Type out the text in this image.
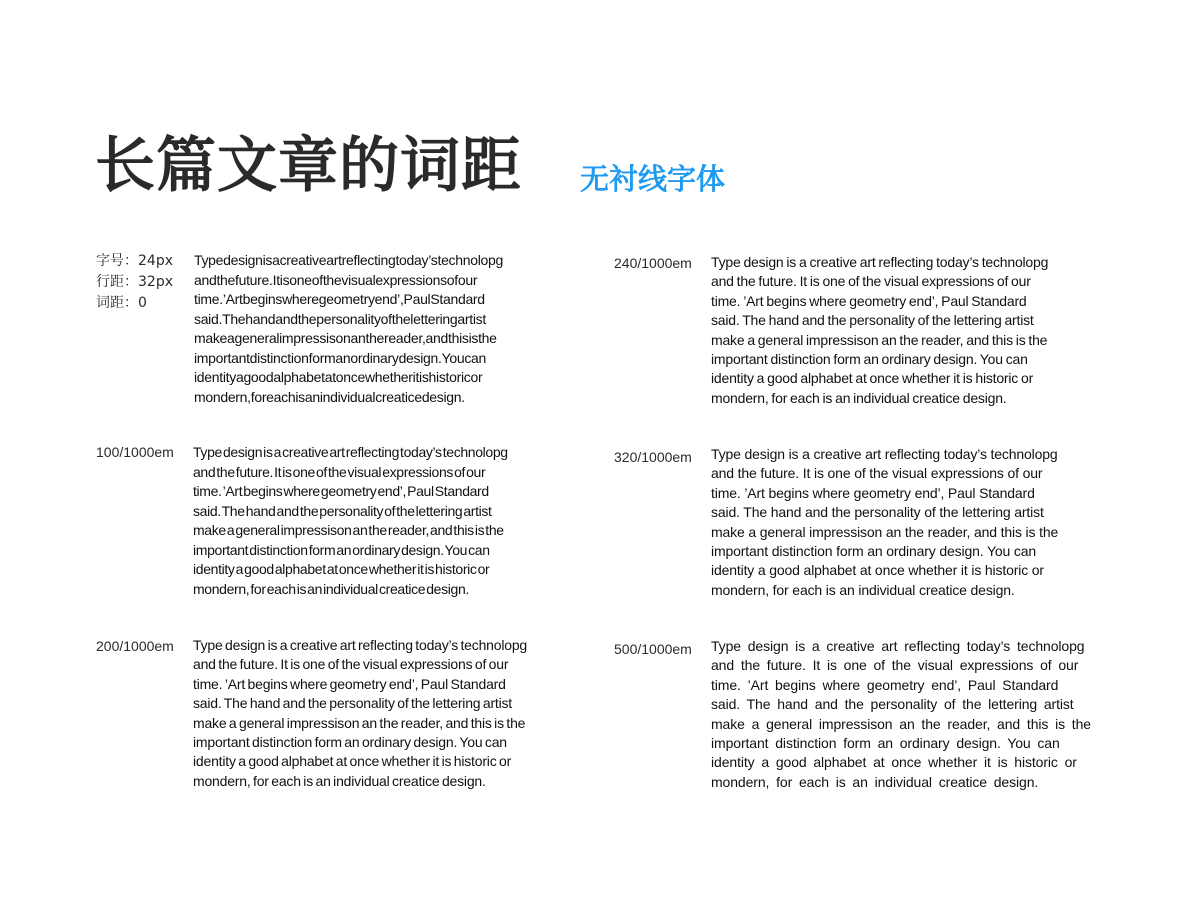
长篇文章的词距 无衬线字体
字号：24px
行距：32px
词距：0
Typedesignisacreativeartreflectingtoday’stechnolopg
andthefuture.Itisoneofthevisualexpressionsofour
time.’Artbeginswheregeometryend’,PaulStandard
said.Thehandandthepersonalityoftheletteringartist
makeageneralimpressisonanthereader,andthisisthe
importantdistinctionformanordinarydesign.Youcan
identityagoodalphabetatoncewhetheritishistoricor
mondern,foreachisanindividualcreaticedesign.
100/1000em Type design is a creative art reflecting today’s technolopg
and the future. It is one of the visual expressions of our
time. ’Art begins where geometry end’, Paul Standard
said. The hand and the personality of the lettering artist
make a general impressison an the reader, and this is the
important distinction form an ordinary design. You can
identity a good alphabet at once whether it is historic or
mondern, for each is an individual creatice design.
200/1000em Type design is a creative art reflecting today’s technolopg
and the future. It is one of the visual expressions of our
time. ’Art begins where geometry end’, Paul Standard
said. The hand and the personality of the lettering artist
make a general impressison an the reader, and this is the
important distinction form an ordinary design. You can
identity a good alphabet at once whether it is historic or
mondern, for each is an individual creatice design.
240/1000em Type design is a creative art reflecting today’s technolopg
and the future. It is one of the visual expressions of our
time. ’Art begins where geometry end’, Paul Standard
said. The hand and the personality of the lettering artist
make a general impressison an the reader, and this is the
important distinction form an ordinary design. You can
identity a good alphabet at once whether it is historic or
mondern, for each is an individual creatice design.
320/1000em Type design is a creative art reflecting today’s technolopg
and the future. It is one of the visual expressions of our
time. ’Art begins where geometry end’, Paul Standard
said. The hand and the personality of the lettering artist
make a general impressison an the reader, and this is the
important distinction form an ordinary design. You can
identity a good alphabet at once whether it is historic or
mondern, for each is an individual creatice design.
500/1000em Type design is a creative art reflecting today’s technolopg
and the future. It is one of the visual expressions of our
time. ’Art begins where geometry end’, Paul Standard
said. The hand and the personality of the lettering artist
make a general impressison an the reader, and this is the
important distinction form an ordinary design. You can
identity a good alphabet at once whether it is historic or
mondern, for each is an individual creatice design.
